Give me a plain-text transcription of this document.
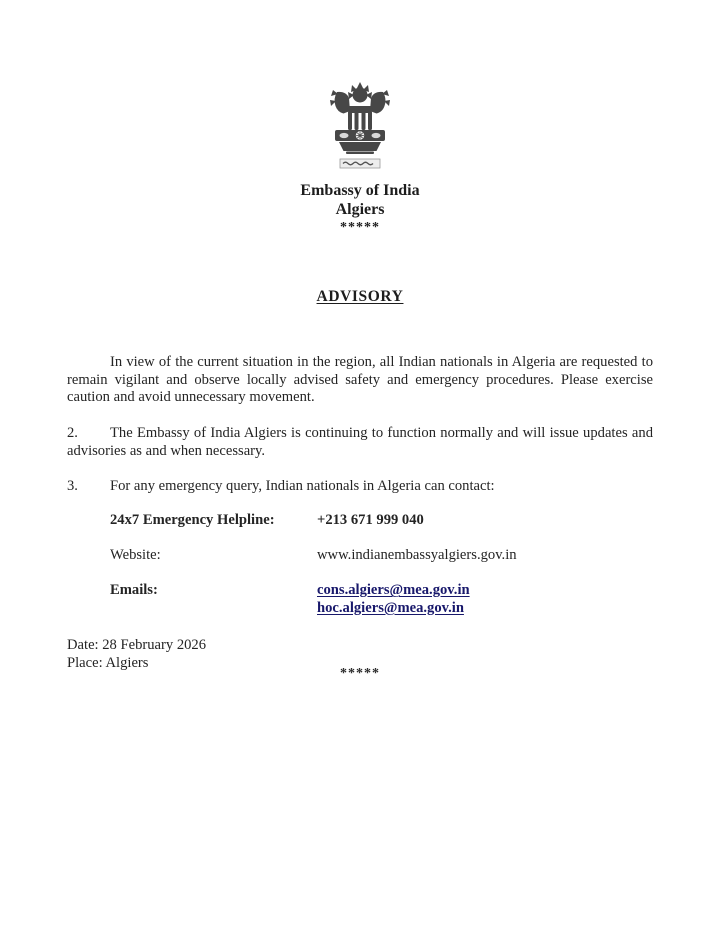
Embassy of India
Algiers
*****
ADVISORY

In view of the current situation in the region, all Indian nationals in Algeria are requested to remain vigilant and observe locally advised safety and emergency procedures. Please exercise caution and avoid unnecessary movement.

2. The Embassy of India Algiers is continuing to function normally and will issue updates and advisories as and when necessary.

3. For any emergency query, Indian nationals in Algeria can contact:

24x7 Emergency Helpline:	+213 671 999 040
Website:	www.indianembassyalgiers.gov.in
Emails:	cons.algiers@mea.gov.in
hoc.algiers@mea.gov.in
Date: 28 February 2026
Place: Algiers
*****
